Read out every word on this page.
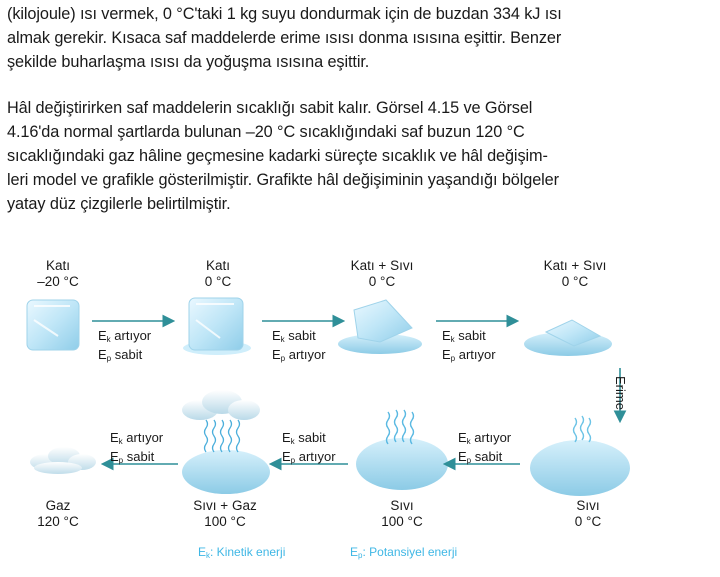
(kilojoule) ısı vermek, 0 °C'taki 1 kg suyu dondurmak için de buzdan 334 kJ ısı
almak gerekir. Kısaca saf maddelerde erime ısısı donma ısısına eşittir. Benzer
şekilde buharlaşma ısısı da yoğuşma ısısına eşittir.
Hâl değiştirirken saf maddelerin sıcaklığı sabit kalır. Görsel 4.15 ve Görsel
4.16'da normal şartlarda bulunan –20 °C sıcaklığındaki saf buzun 120 °C
sıcaklığındaki gaz hâline geçmesine kadarki süreçte sıcaklık ve hâl değişim-
leri model ve grafikle gösterilmiştir. Grafikte hâl değişiminin yaşandığı bölgeler
yatay düz çizgilerle belirtilmiştir.
Katı
–20 °C
Katı
0 °C
Katı + Sıvı
0 °C
Katı + Sıvı
0 °C
Sıvı
0 °C
Sıvı
100 °C
Sıvı + Gaz
100 °C
Gaz
120 °C
$E_k$ artıyor
$E_p$ sabit
$E_k$ sabit
$E_p$ artıyor
$E_k$ sabit
$E_p$ artıyor
$E_k$ artıyor
$E_p$ sabit
$E_k$ sabit
$E_p$ artıyor
$E_k$ artıyor
$E_p$ sabit
Erime
$E_k$: Kinetik enerji	$E_p$: Potansiyel enerji
